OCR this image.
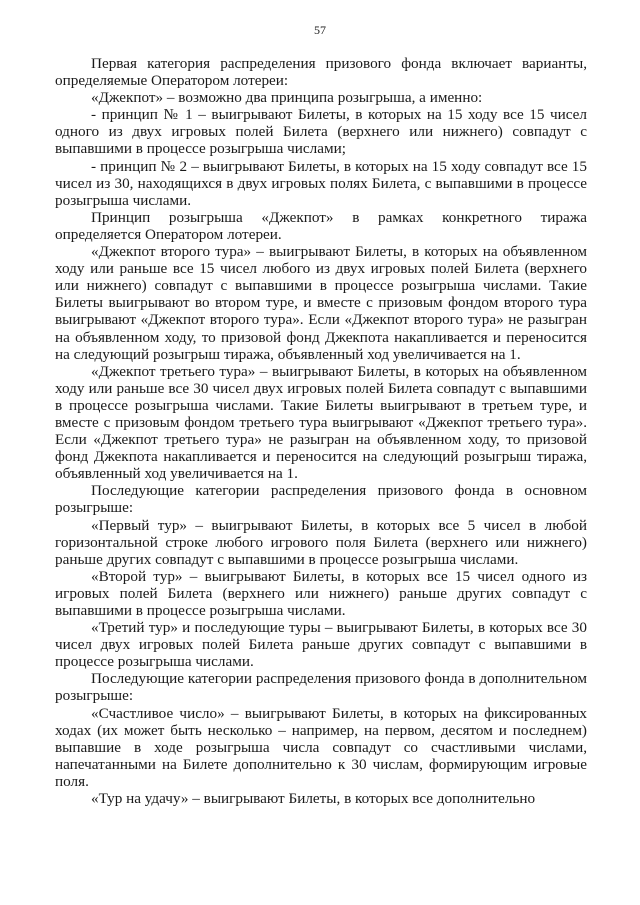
57

Первая категория распределения призового фонда включает варианты, определяемые Оператором лотереи:

«Джекпот» – возможно два принципа розыгрыша, а именно:

- принцип № 1 – выигрывают Билеты, в которых на 15 ходу все 15 чисел одного из двух игровых полей Билета (верхнего или нижнего) совпадут с выпавшими в процессе розыгрыша числами;

- принцип № 2 – выигрывают Билеты, в которых на 15 ходу совпадут все 15 чисел из 30, находящихся в двух игровых полях Билета, с выпавшими в процессе розыгрыша числами.

Принцип розыгрыша «Джекпот» в рамках конкретного тиража определяется Оператором лотереи.

«Джекпот второго тура» – выигрывают Билеты, в которых на объявленном ходу или раньше все 15 чисел любого из двух игровых полей Билета (верхнего или нижнего) совпадут с выпавшими в процессе розыгрыша числами. Такие Билеты выигрывают во втором туре, и вместе с призовым фондом второго тура выигрывают «Джекпот второго тура». Если «Джекпот второго тура» не разыгран на объявленном ходу, то призовой фонд Джекпота накапливается и переносится на следующий розыгрыш тиража, объявленный ход увеличивается на 1.

«Джекпот третьего тура» – выигрывают Билеты, в которых на объявленном ходу или раньше все 30 чисел двух игровых полей Билета совпадут с выпавшими в процессе розыгрыша числами. Такие Билеты выигрывают в третьем туре, и вместе с призовым фондом третьего тура выигрывают «Джекпот третьего тура». Если «Джекпот третьего тура» не разыгран на объявленном ходу, то призовой фонд Джекпота накапливается и переносится на следующий розыгрыш тиража, объявленный ход увеличивается на 1.

Последующие категории распределения призового фонда в основном розыгрыше:

«Первый тур» – выигрывают Билеты, в которых все 5 чисел в любой горизонтальной строке любого игрового поля Билета (верхнего или нижнего) раньше других совпадут с выпавшими в процессе розыгрыша числами.

«Второй тур» – выигрывают Билеты, в которых все 15 чисел одного из игровых полей Билета (верхнего или нижнего) раньше других совпадут с выпавшими в процессе розыгрыша числами.

«Третий тур» и последующие туры – выигрывают Билеты, в которых все 30 чисел двух игровых полей Билета раньше других совпадут с выпавшими в процессе розыгрыша числами.

Последующие категории распределения призового фонда в дополнительном розыгрыше:

«Счастливое число» – выигрывают Билеты, в которых на фиксированных ходах (их может быть несколько – например, на первом, десятом и последнем) выпавшие в ходе розыгрыша числа совпадут со счастливыми числами, напечатанными на Билете дополнительно к 30 числам, формирующим игровые поля.

«Тур на удачу» – выигрывают Билеты, в которых все дополнительно
